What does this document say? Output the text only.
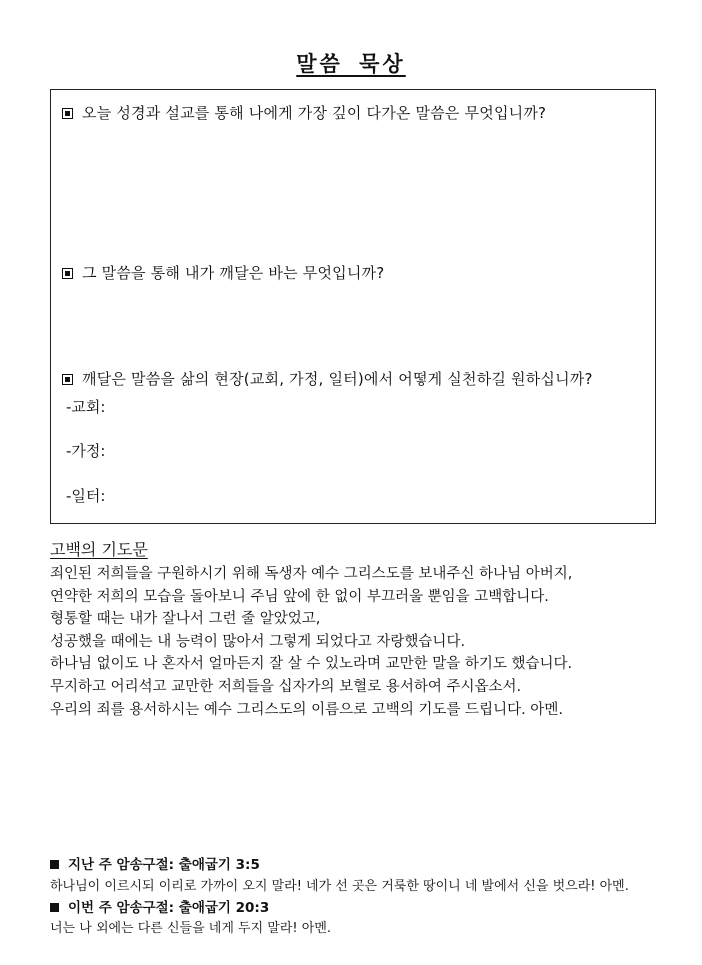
말씀 묵상
오늘 성경과 설교를 통해 나에게 가장 깊이 다가온 말씀은 무엇입니까?
그 말씀을 통해 내가 깨달은 바는 무엇입니까?
깨달은 말씀을 삶의 현장(교회, 가정, 일터)에서 어떻게 실천하길 원하십니까?
-교회:
-가정:
-일터:
고백의 기도문
죄인된 저희들을 구원하시기 위해 독생자 예수 그리스도를 보내주신 하나님 아버지,
연약한 저희의 모습을 돌아보니 주님 앞에 한 없이 부끄러울 뿐임을 고백합니다.
형통할 때는 내가 잘나서 그런 줄 알았었고,
성공했을 때에는 내 능력이 많아서 그렇게 되었다고 자랑했습니다.
하나님 없이도 나 혼자서 얼마든지 잘 살 수 있노라며 교만한 말을 하기도 했습니다.
무지하고 어리석고 교만한 저희들을 십자가의 보혈로 용서하여 주시옵소서.
우리의 죄를 용서하시는 예수 그리스도의 이름으로 고백의 기도를 드립니다. 아멘.
지난 주 암송구절: 출애굽기 3:5
하나님이 이르시되 이리로 가까이 오지 말라! 네가 선 곳은 거룩한 땅이니 네 발에서 신을 벗으라! 아멘.
이번 주 암송구절: 출애굽기 20:3
너는 나 외에는 다른 신들을 네게 두지 말라! 아멘.
